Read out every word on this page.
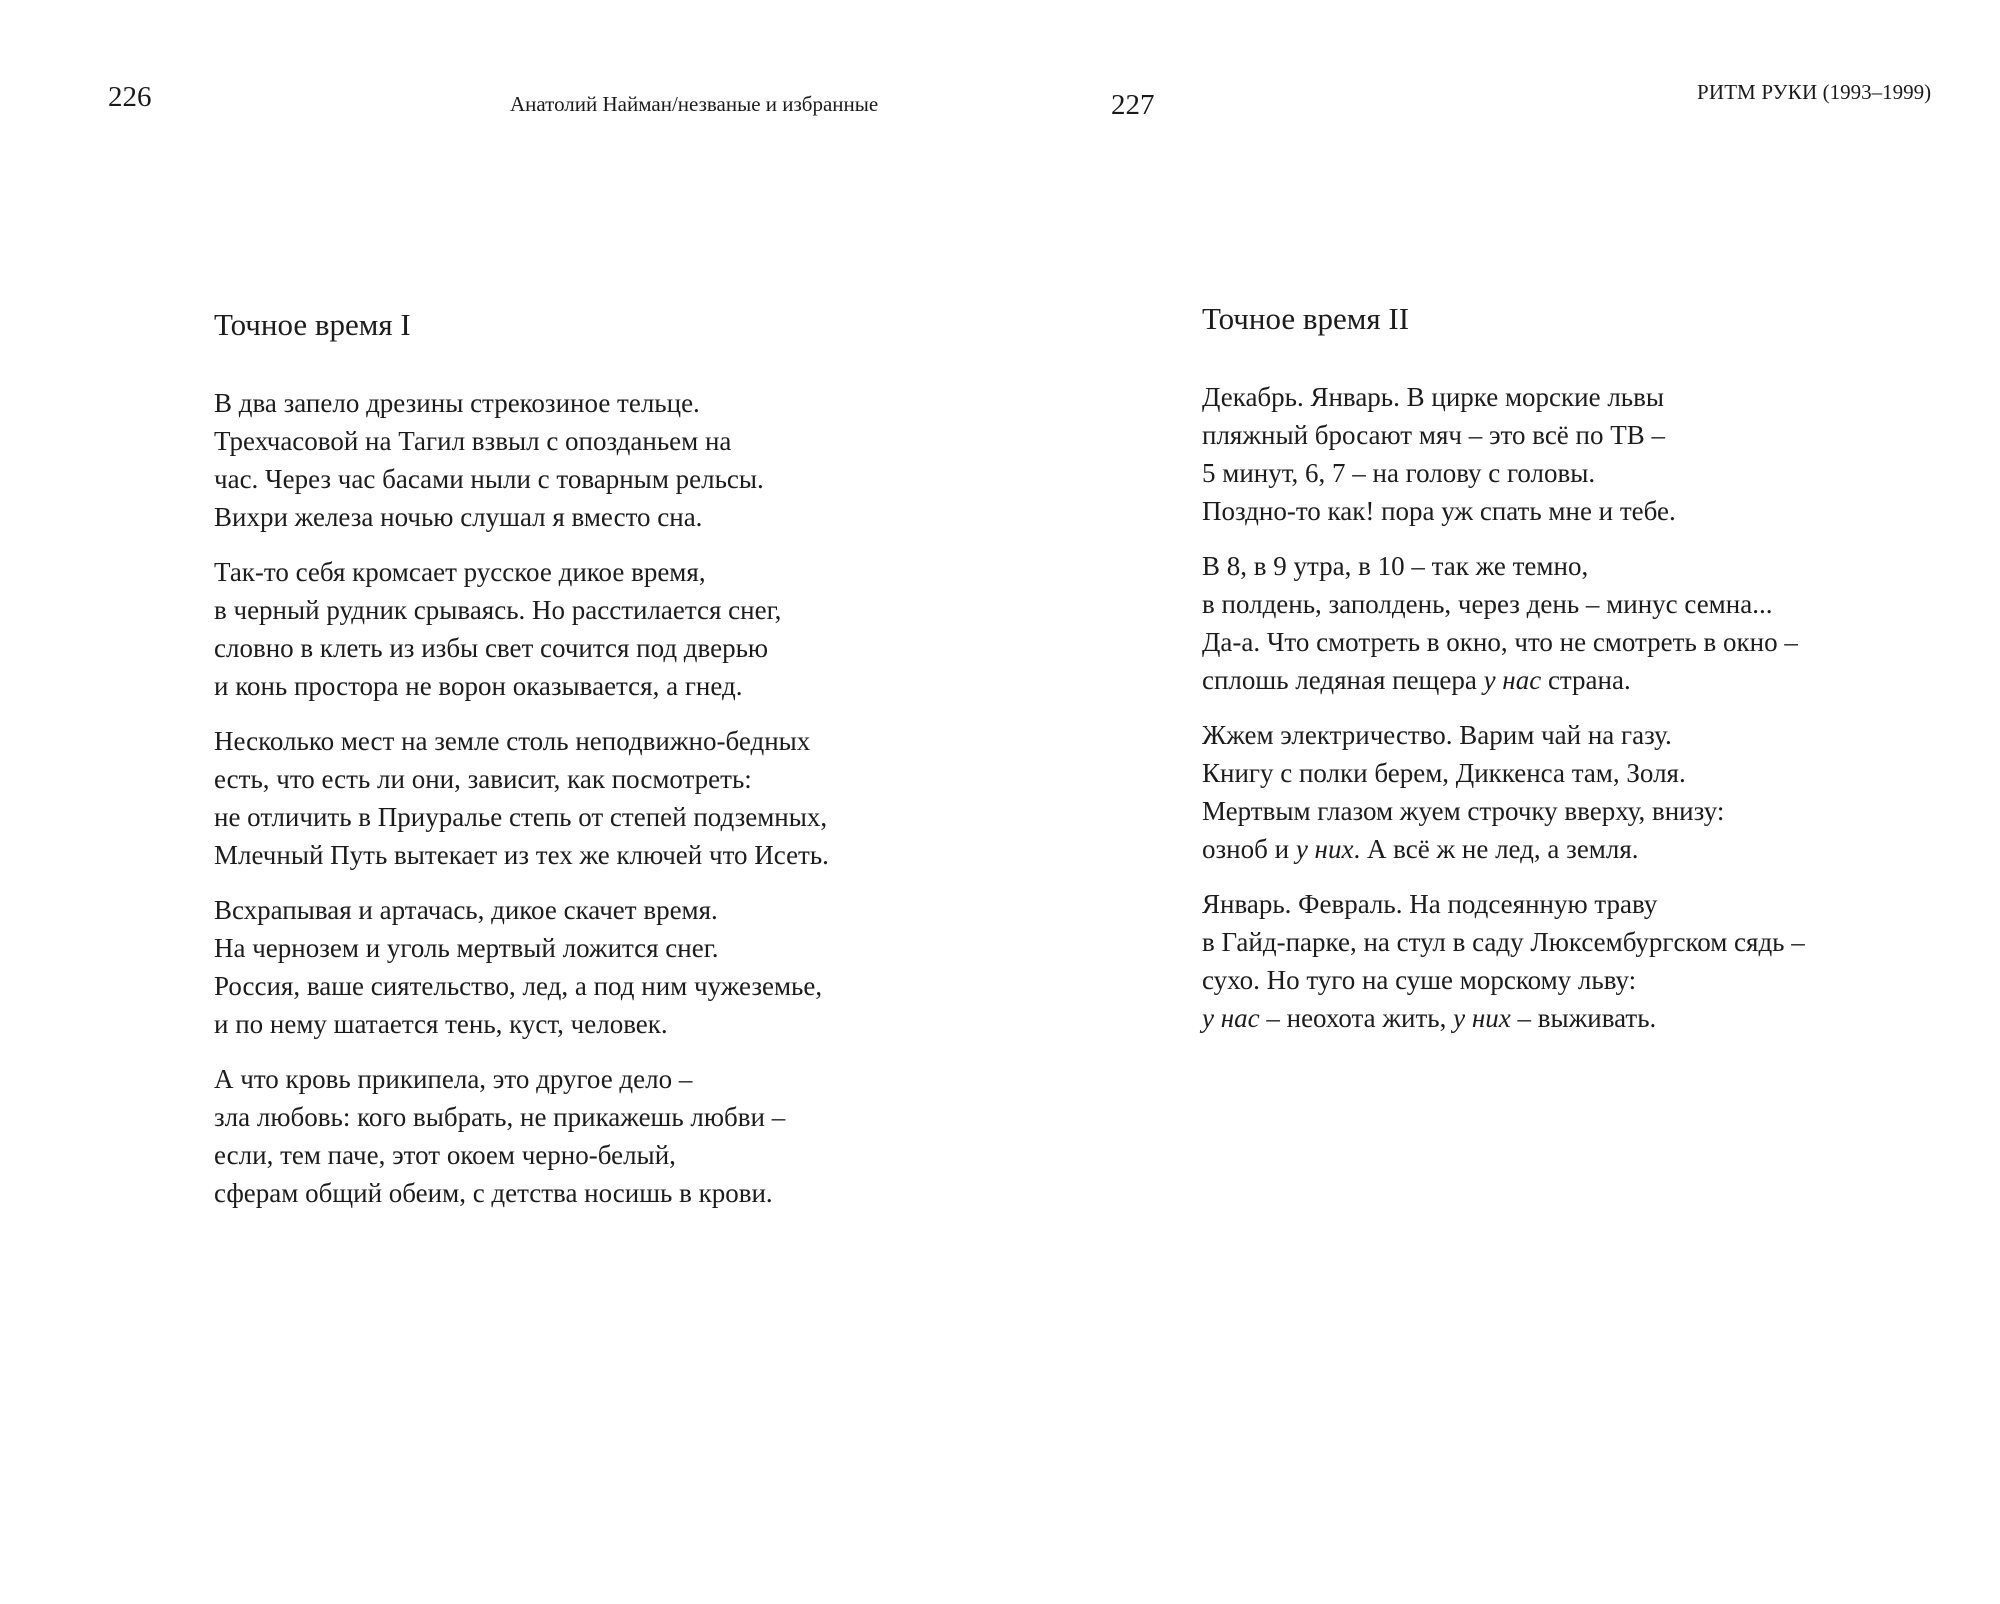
226	Анатолий Найман/незваные и избранные
Точное время I
В два запело дрезины стрекозиное тельце.
Трехчасовой на Тагил взвыл с опозданьем на
час. Через час басами ныли с товарным рельсы.
Вихри железа ночью слушал я вместо сна.
Так-то себя кромсает русское дикое время,
в черный рудник срываясь. Но расстилается снег,
словно в клеть из избы свет сочится под дверью
и конь простора не ворон оказывается, а гнед.
Несколько мест на земле столь неподвижно-бедных
есть, что есть ли они, зависит, как посмотреть:
не отличить в Приуралье степь от степей подземных,
Млечный Путь вытекает из тех же ключей что Исеть.
Всхрапывая и артачась, дикое скачет время.
На чернозем и уголь мертвый ложится снег.
Россия, ваше сиятельство, лед, а под ним чужеземье,
и по нему шатается тень, куст, человек.
А что кровь прикипела, это другое дело –
зла любовь: кого выбрать, не прикажешь любви –
если, тем паче, этот окоем черно-белый,
сферам общий обеим, с детства носишь в крови.
227	РИТМ РУКИ (1993–1999)
Точное время II
Декабрь. Январь. В цирке морские львы
пляжный бросают мяч – это всё по ТВ –
5 минут, 6, 7 – на голову с головы.
Поздно-то как! пора уж спать мне и тебе.
В 8, в 9 утра, в 10 – так же темно,
в полдень, заполдень, через день – минус семна...
Да-а. Что смотреть в окно, что не смотреть в окно –
сплошь ледяная пещера у нас страна.
Жжем электричество. Варим чай на газу.
Книгу с полки берем, Диккенса там, Золя.
Мертвым глазом жуем строчку вверху, внизу:
озноб и у них. А всё ж не лед, а земля.
Январь. Февраль. На подсеянную траву
в Гайд-парке, на стул в саду Люксембургском сядь –
сухо. Но туго на суше морскому льву:
у нас – неохота жить, у них – выживать.
